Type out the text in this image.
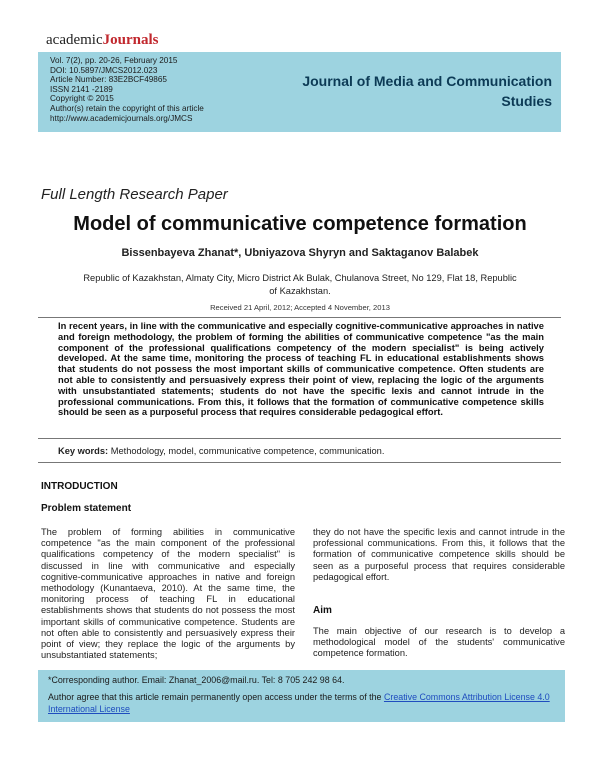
academicJournals
Vol. 7(2), pp. 20-26, February 2015
DOI: 10.5897/JMCS2012.023
Article Number: 83E2BCF49865
ISSN 2141 -2189
Copyright © 2015
Author(s) retain the copyright of this article
http://www.academicjournals.org/JMCS
Journal of Media and Communication Studies
Full Length Research Paper
Model of communicative competence formation
Bissenbayeva Zhanat*, Ubniyazova Shyryn and Saktaganov Balabek
Republic of Kazakhstan, Almaty City, Micro District Ak Bulak, Chulanova Street, No 129, Flat 18, Republic of Kazakhstan.
Received 21 April, 2012; Accepted 4 November, 2013
In recent years, in line with the communicative and especially cognitive-communicative approaches in native and foreign methodology, the problem of forming the abilities of communicative competence "as the main component of the professional qualifications competency of the modern specialist" is being actively developed. At the same time, monitoring the process of teaching FL in educational establishments shows that students do not possess the most important skills of communicative competence. Often students are not able to consistently and persuasively express their point of view, replacing the logic of the arguments with unsubstantiated statements; students do not have the specific lexis and cannot intrude in the professional communications. From this, it follows that the formation of communicative competence skills should be seen as a purposeful process that requires considerable pedagogical effort.
Key words: Methodology, model, communicative competence, communication.
INTRODUCTION
Problem statement
The problem of forming abilities in communicative competence "as the main component of the professional qualifications competency of the modern specialist" is discussed in line with communicative and especially cognitive-communicative approaches in native and foreign methodology (Kunantaeva, 2010). At the same time, the monitoring process of teaching FL in educational establishments shows that students do not possess the most important skills of communicative competence. Students are not often able to consistently and persuasively express their point of view; they replace the logic of the arguments by unsubstantiated statements;
they do not have the specific lexis and cannot intrude in the professional communications. From this, it follows that the formation of communicative competence skills should be seen as a purposeful process that requires considerable pedagogical effort.
Aim
The main objective of our research is to develop a methodological model of the students' communicative competence formation.
*Corresponding author. Email: Zhanat_2006@mail.ru. Tel: 8 705 242 98 64.
Author agree that this article remain permanently open access under the terms of the Creative Commons Attribution License 4.0 International License
